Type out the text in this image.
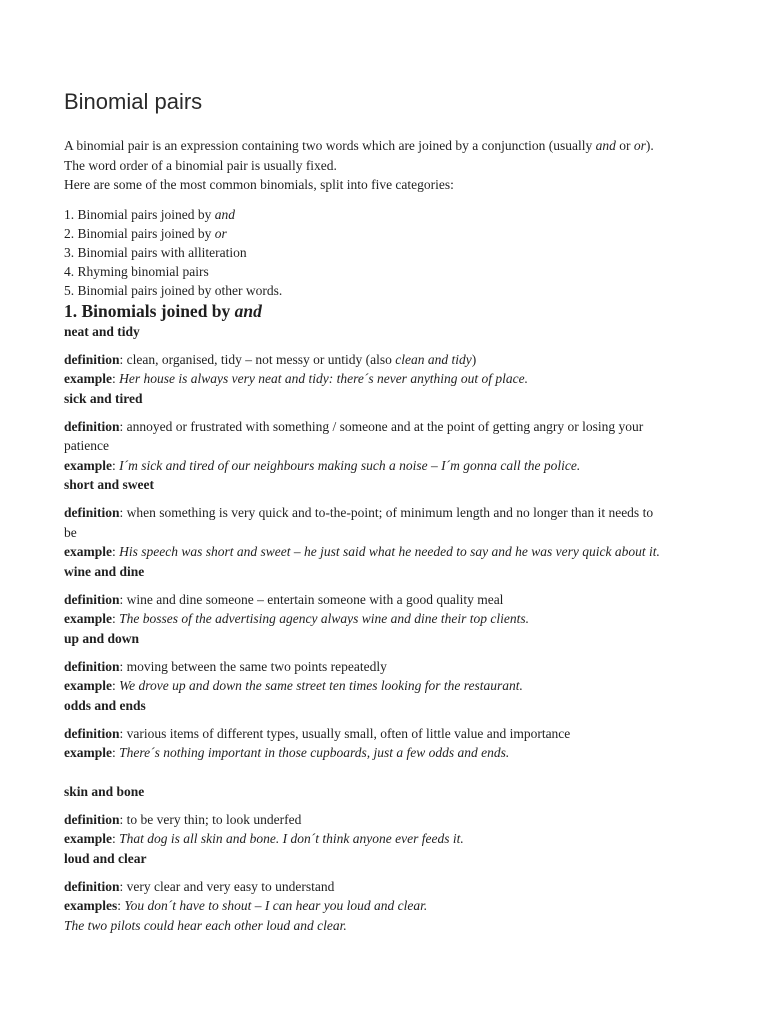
Binomial pairs

A binomial pair is an expression containing two words which are joined by a conjunction (usually and or or).

The word order of a binomial pair is usually fixed.

Here are some of the most common binomials, split into five categories:

1. Binomial pairs joined by and
2. Binomial pairs joined by or
3. Binomial pairs with alliteration
4. Rhyming binomial pairs
5. Binomial pairs joined by other words.
1. Binomials joined by and

neat and tidy

definition: clean, organised, tidy – not messy or untidy (also clean and tidy)

example: Her house is always very neat and tidy: there´s never anything out of place.

sick and tired

definition: annoyed or frustrated with something / someone and at the point of getting angry or losing your

patience

example: I´m sick and tired of our neighbours making such a noise – I´m gonna call the police.

short and sweet

definition: when something is very quick and to-the-point; of minimum length and no longer than it needs to

be

example: His speech was short and sweet – he just said what he needed to say and he was very quick about it.

wine and dine

definition: wine and dine someone – entertain someone with a good quality meal

example: The bosses of the advertising agency always wine and dine their top clients.

up and down

definition: moving between the same two points repeatedly

example: We drove up and down the same street ten times looking for the restaurant.

odds and ends

definition: various items of different types, usually small, often of little value and importance

example: There´s nothing important in those cupboards, just a few odds and ends.

skin and bone

definition: to be very thin; to look underfed

example: That dog is all skin and bone. I don´t think anyone ever feeds it.

loud and clear

definition: very clear and very easy to understand

examples: You don´t have to shout – I can hear you loud and clear.

The two pilots could hear each other loud and clear.
